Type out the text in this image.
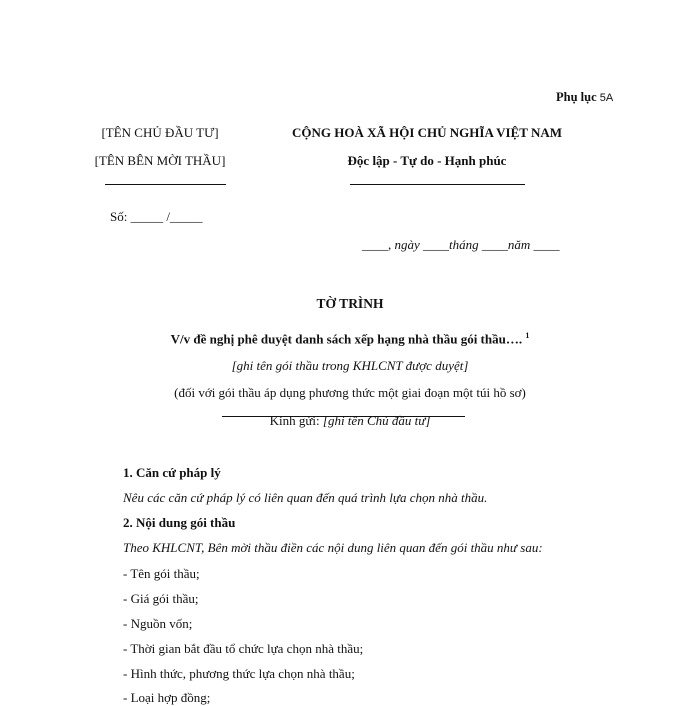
Phụ lục 5A
[TÊN CHỦ ĐẦU TƯ]
[TÊN BÊN MỜI THẦU]
Số: _____ /_____
CỘNG HOÀ XÃ HỘI CHỦ NGHĨA VIỆT NAM
Độc lập - Tự do - Hạnh phúc
____, ngày ____tháng ____năm ____
TỜ TRÌNH
V/v đề nghị phê duyệt danh sách xếp hạng nhà thầu gói thầu…. $^1$
[ghi tên gói thầu trong KHLCNT được duyệt]
(đối với gói thầu áp dụng phương thức một giai đoạn một túi hồ sơ)
Kính gửi: [ghi tên Chủ đầu tư]
1. Căn cứ pháp lý
Nêu các căn cứ pháp lý có liên quan đến quá trình lựa chọn nhà thầu.
2. Nội dung gói thầu
Theo KHLCNT, Bên mời thầu điền các nội dung liên quan đến gói thầu như sau:
- Tên gói thầu;
- Giá gói thầu;
- Nguồn vốn;
- Thời gian bắt đầu tổ chức lựa chọn nhà thầu;
- Hình thức, phương thức lựa chọn nhà thầu;
- Loại hợp đồng;
